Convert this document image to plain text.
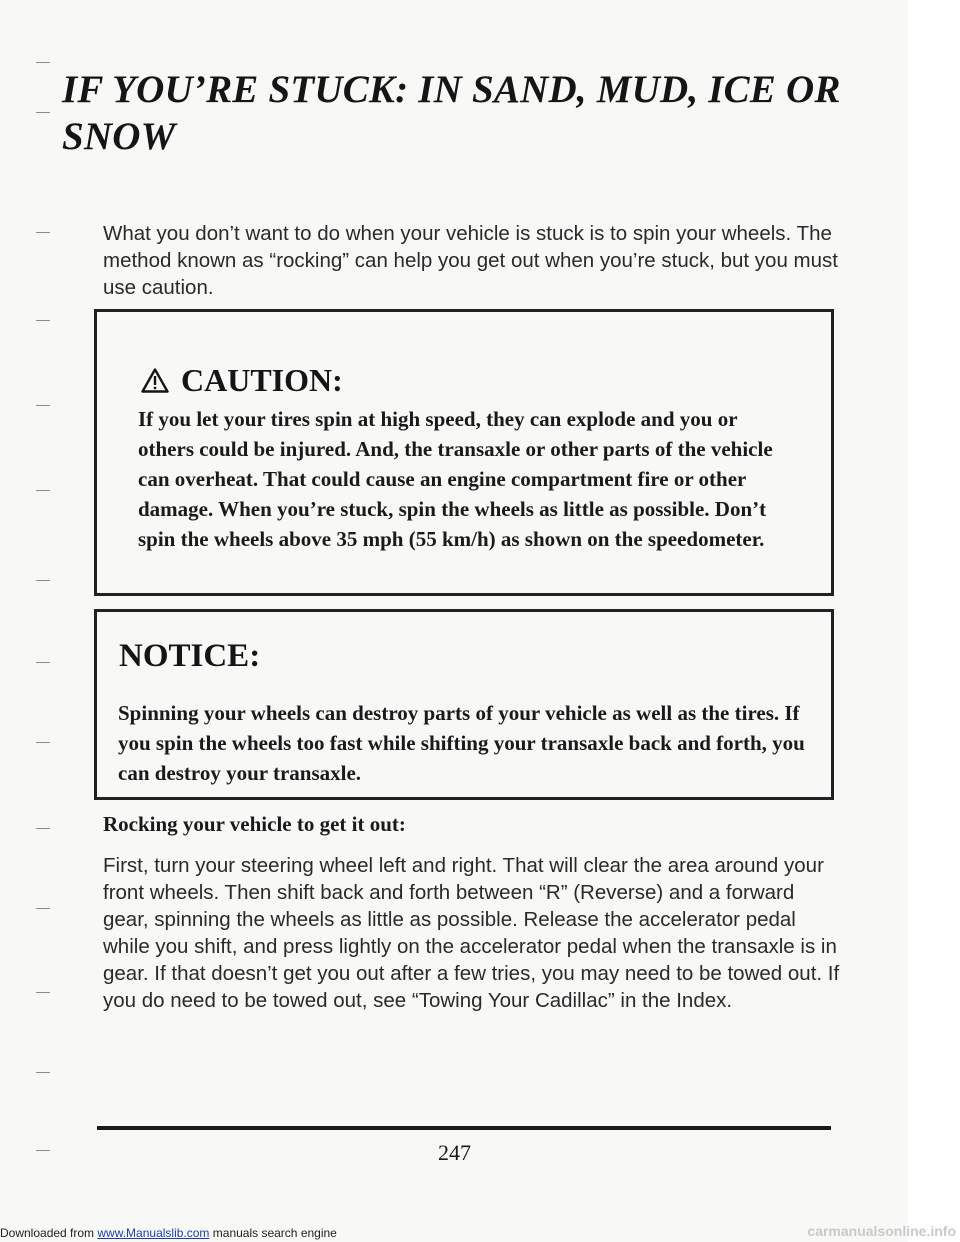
IF YOU’RE STUCK: IN SAND, MUD, ICE OR SNOW

What you don’t want to do when your vehicle is stuck is to spin your wheels. The method known as “rocking” can help you get out when you’re stuck, but you must use caution.

CAUTION:

If you let your tires spin at high speed, they can explode and you or others could be injured. And, the transaxle or other parts of the vehicle can overheat. That could cause an engine compartment fire or other damage. When you’re stuck, spin the wheels as little as possible. Don’t spin the wheels above 35 mph (55 km/h) as shown on the speedometer.

NOTICE:

Spinning your wheels can destroy parts of your vehicle as well as the tires. If you spin the wheels too fast while shifting your transaxle back and forth, you can destroy your transaxle.

Rocking your vehicle to get it out:

First, turn your steering wheel left and right. That will clear the area around your front wheels. Then shift back and forth between “R” (Reverse) and a forward gear, spinning the wheels as little as possible. Release the accelerator pedal while you shift, and press lightly on the accelerator pedal when the transaxle is in gear. If that doesn’t get you out after a few tries, you may need to be towed out. If you do need to be towed out, see “Towing Your Cadillac” in the Index.

247
Downloaded from www.Manualslib.com manuals search engine	carmanualsonline.info
